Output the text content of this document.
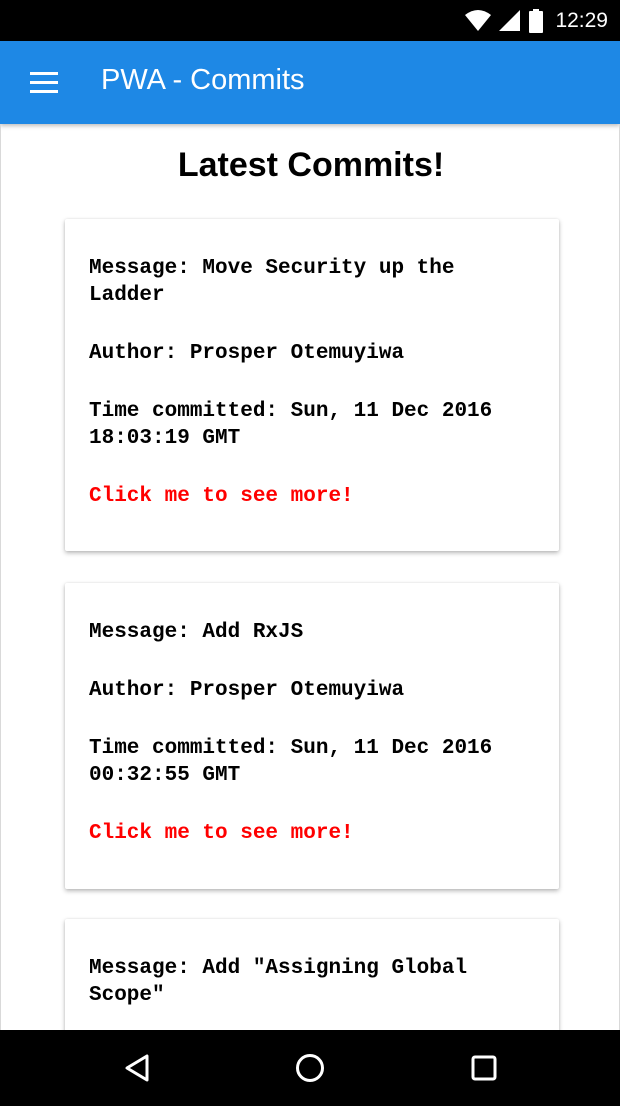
12:29
PWA - Commits
Latest Commits!

Message: Move Security up the Ladder

Author: Prosper Otemuyiwa

Time committed: Sun, 11 Dec 2016 18:03:19 GMT

Click me to see more!

Message: Add RxJS

Author: Prosper Otemuyiwa

Time committed: Sun, 11 Dec 2016 00:32:55 GMT

Click me to see more!

Message: Add "Assigning Global Scope"
